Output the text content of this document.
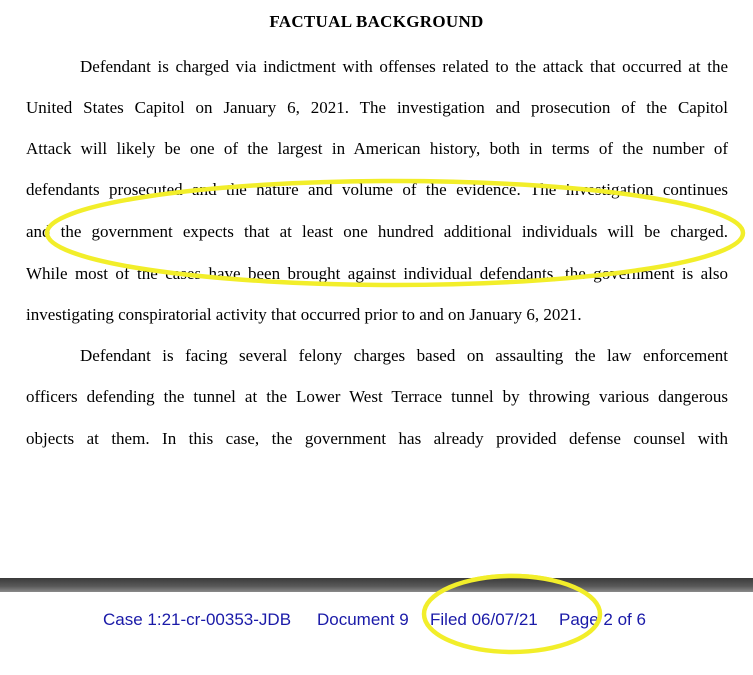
FACTUAL BACKGROUND
Defendant is charged via indictment with offenses related to the attack that occurred at the
United States Capitol on January 6, 2021. The investigation and prosecution of the Capitol
Attack will likely be one of the largest in American history, both in terms of the number of
defendants prosecuted and the nature and volume of the evidence. The investigation continues
and the government expects that at least one hundred additional individuals will be charged.
While most of the cases have been brought against individual defendants, the government is also
investigating conspiratorial activity that occurred prior to and on January 6, 2021.
Defendant is facing several felony charges based on assaulting the law enforcement
officers defending the tunnel at the Lower West Terrace tunnel by throwing various dangerous
objects at them. In this case, the government has already provided defense counsel with
Case 1:21-cr-00353-JDB Document 9 Filed 06/07/21 Page 2 of 6
